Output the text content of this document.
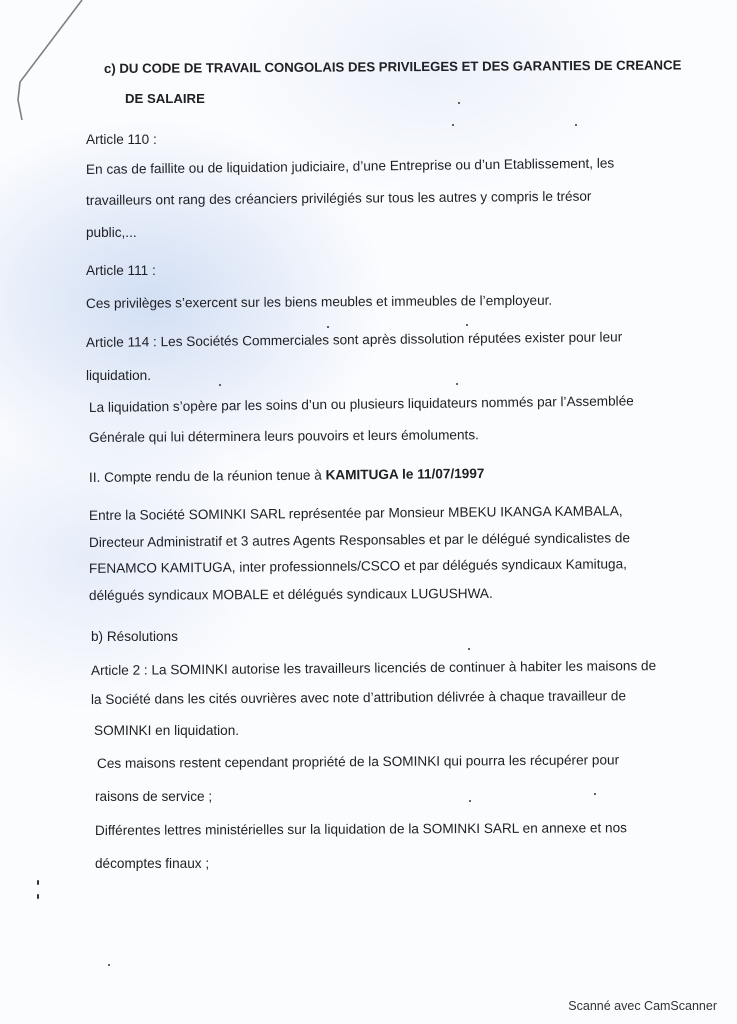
c) DU CODE DE TRAVAIL CONGOLAIS DES PRIVILEGES ET DES GARANTIES DE CREANCE
DE SALAIRE
Article 110 :
En cas de faillite ou de liquidation judiciaire, d’une Entreprise ou d’un Etablissement, les
travailleurs ont rang des créanciers privilégiés sur tous les autres y compris le trésor
public,...
Article 111 :
Ces privilèges s’exercent sur les biens meubles et immeubles de l’employeur.
Article 114 : Les Sociétés Commerciales sont après dissolution réputées exister pour leur
liquidation.
La liquidation s’opère par les soins d’un ou plusieurs liquidateurs nommés par l’Assemblée
Générale qui lui déterminera leurs pouvoirs et leurs émoluments.
II. Compte rendu de la réunion tenue à KAMITUGA le 11/07/1997
Entre la Société SOMINKI SARL représentée par Monsieur MBEKU IKANGA KAMBALA,
Directeur Administratif et 3 autres Agents Responsables et par le délégué syndicalistes de
FENAMCO KAMITUGA, inter professionnels/CSCO et par délégués syndicaux Kamituga,
délégués syndicaux MOBALE et délégués syndicaux LUGUSHWA.
b) Résolutions
Article 2 : La SOMINKI autorise les travailleurs licenciés de continuer à habiter les maisons de
la Société dans les cités ouvrières avec note d’attribution délivrée à chaque travailleur de
SOMINKI en liquidation.
Ces maisons restent cependant propriété de la SOMINKI qui pourra les récupérer pour
raisons de service ;
Différentes lettres ministérielles sur la liquidation de la SOMINKI SARL en annexe et nos
décomptes finaux ;
Scanné avec CamScanner
